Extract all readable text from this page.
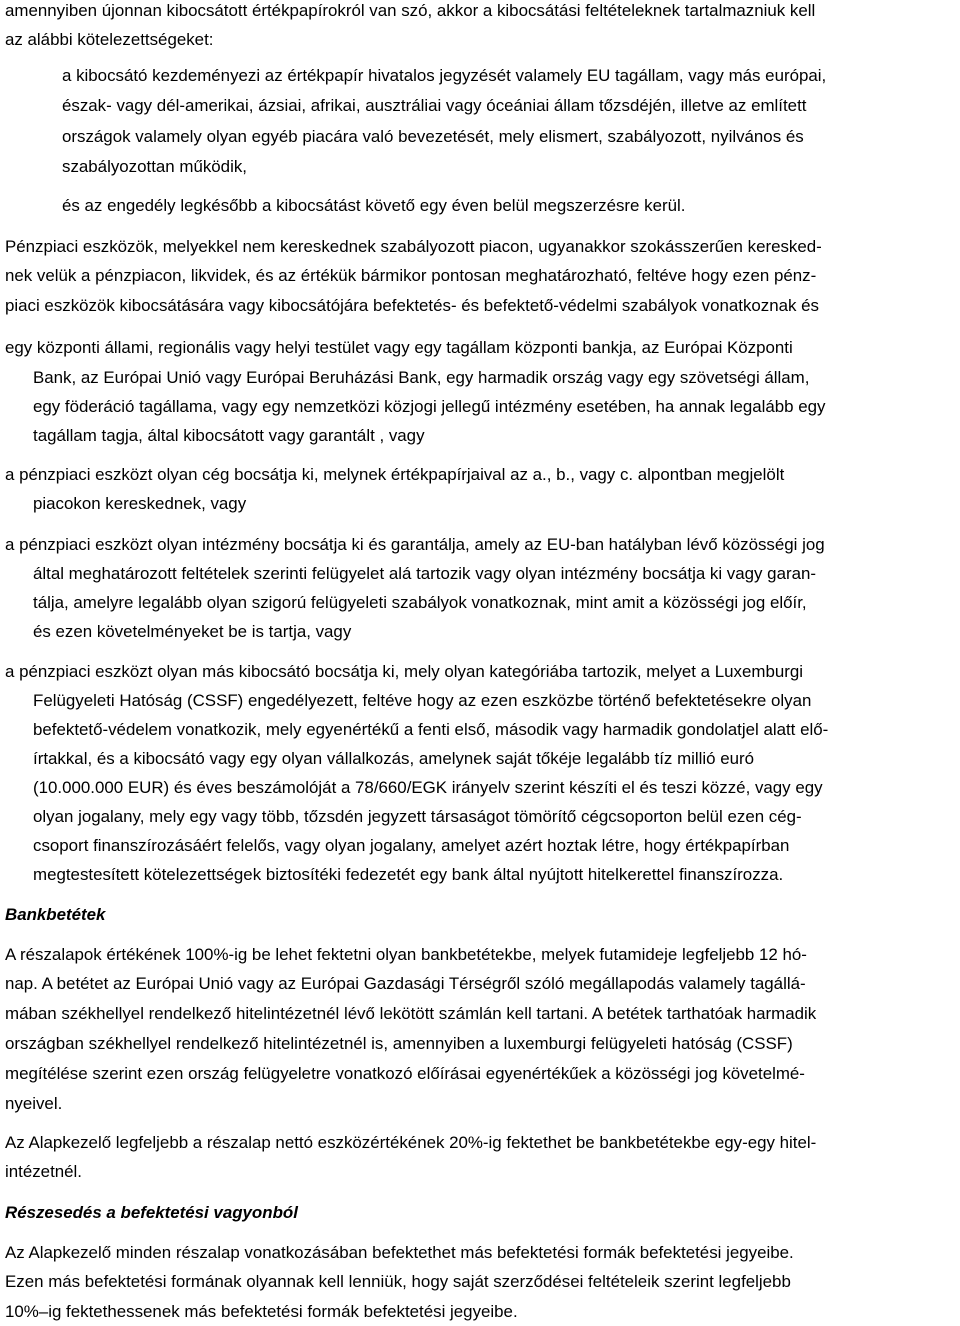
amennyiben újonnan kibocsátott értékpapírokról van szó, akkor a kibocsátási feltételeknek tartalmazniuk kell
az alábbi kötelezettségeket:
a kibocsátó kezdeményezi az értékpapír hivatalos jegyzését valamely EU tagállam, vagy más európai,
észak- vagy dél-amerikai, ázsiai, afrikai, ausztráliai vagy óceániai állam tőzsdéjén, illetve az említett
országok valamely olyan egyéb piacára való bevezetését, mely elismert, szabályozott, nyilvános és
szabályozottan működik,
és az engedély legkésőbb a kibocsátást követő egy éven belül megszerzésre kerül.
Pénzpiaci eszközök, melyekkel nem kereskednek szabályozott piacon, ugyanakkor szokásszerűen keresked-
nek velük a pénzpiacon, likvidek, és az értékük bármikor pontosan meghatározható, feltéve hogy ezen pénz-
piaci eszközök kibocsátására vagy kibocsátójára befektetés- és befektető-védelmi szabályok vonatkoznak és
egy központi állami, regionális vagy helyi testület vagy egy tagállam központi bankja, az Európai Központi
Bank, az Európai Unió vagy Európai Beruházási Bank, egy harmadik ország vagy egy szövetségi állam,
egy föderáció tagállama, vagy egy nemzetközi közjogi jellegű intézmény esetében, ha annak legalább egy
tagállam tagja, által kibocsátott vagy garantált , vagy
a pénzpiaci eszközt olyan cég bocsátja ki, melynek értékpapírjaival az a., b., vagy c. alpontban megjelölt
piacokon kereskednek, vagy
a pénzpiaci eszközt olyan intézmény bocsátja ki és garantálja, amely az EU-ban hatályban lévő közösségi jog
által meghatározott feltételek szerinti felügyelet alá tartozik vagy olyan intézmény bocsátja ki vagy garan-
tálja, amelyre legalább olyan szigorú felügyeleti szabályok vonatkoznak, mint amit a közösségi jog előír,
és ezen követelményeket be is tartja, vagy
a pénzpiaci eszközt olyan más kibocsátó bocsátja ki, mely olyan kategóriába tartozik, melyet a Luxemburgi
Felügyeleti Hatóság (CSSF) engedélyezett, feltéve hogy az ezen eszközbe történő befektetésekre olyan
befektető-védelem vonatkozik, mely egyenértékű a fenti első, második vagy harmadik gondolatjel alatt elő-
írtakkal, és a kibocsátó vagy egy olyan vállalkozás, amelynek saját tőkéje legalább tíz millió euró
(10.000.000 EUR) és éves beszámolóját a 78/660/EGK irányelv szerint készíti el és teszi közzé, vagy egy
olyan jogalany, mely egy vagy több, tőzsdén jegyzett társaságot tömörítő cégcsoporton belül ezen cég-
csoport finanszírozásáért felelős, vagy olyan jogalany, amelyet azért hoztak létre, hogy értékpapírban
megtestesített kötelezettségek biztosítéki fedezetét egy bank által nyújtott hitelkerettel finanszírozza.
Bankbetétek
A részalapok értékének 100%-ig be lehet fektetni olyan bankbetétekbe, melyek futamideje legfeljebb 12 hó-
nap. A betétet az Európai Unió vagy az Európai Gazdasági Térségről szóló megállapodás valamely tagállá-
mában székhellyel rendelkező hitelintézetnél lévő lekötött számlán kell tartani. A betétek tarthatóak harmadik
országban székhellyel rendelkező hitelintézetnél is, amennyiben a luxemburgi felügyeleti hatóság (CSSF)
megítélése szerint ezen ország felügyeletre vonatkozó előírásai egyenértékűek a közösségi jog követelmé-
nyeivel.
Az Alapkezelő legfeljebb a részalap nettó eszközértékének 20%-ig fektethet be bankbetétekbe egy-egy hitel-
intézetnél.
Részesedés a befektetési vagyonból
Az Alapkezelő minden részalap vonatkozásában befektethet más befektetési formák befektetési jegyeibe.
Ezen más befektetési formának olyannak kell lenniük, hogy saját szerződései feltételeik szerint legfeljebb
10%–ig fektethessenek más befektetési formák befektetési jegyeibe.
